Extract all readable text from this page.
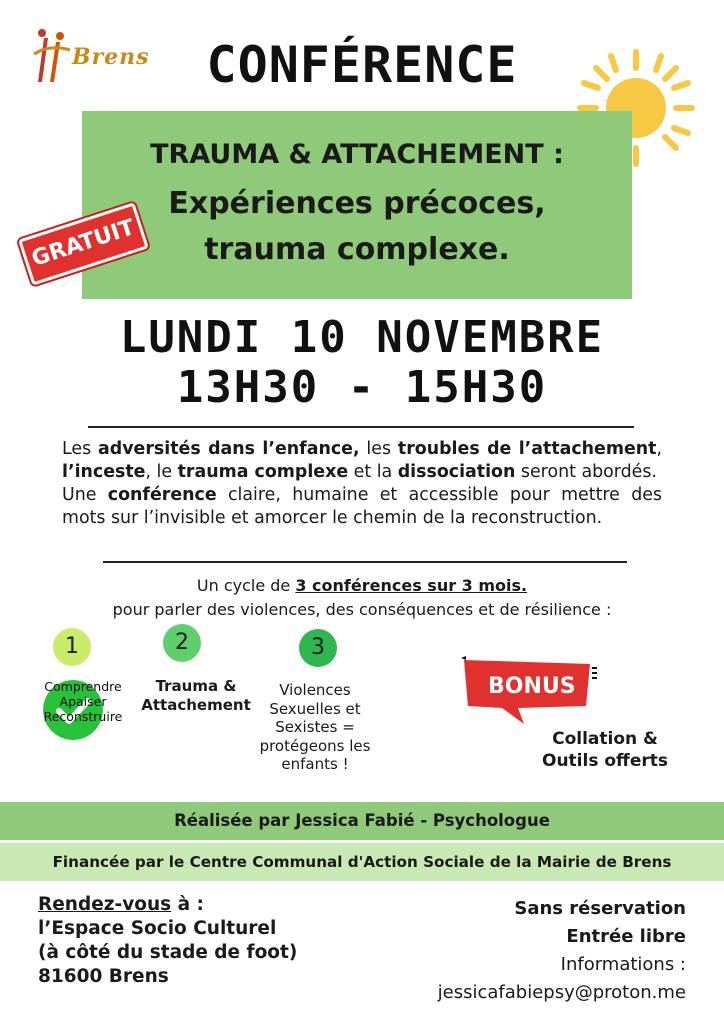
Brens	CONFÉRENCE
TRAUMA & ATTACHEMENT :
Expériences précoces,
trauma complexe.
GRATUIT
LUNDI 10 NOVEMBRE
13H30 - 15H30
Les adversités dans l’enfance, les troubles de l’attachement, l’inceste, le trauma complexe et la dissociation seront abordés.
Une conférence claire, humaine et accessible pour mettre des mots sur l’invisible et amorcer le chemin de la reconstruction.
Un cycle de 3 conférences sur 3 mois.
pour parler des violences, des conséquences et de résilience :
1	2	3
Comprendre
Apaiser
Reconstruire
Trauma &
Attachement
Violences
Sexuelles et
Sexistes =
protégeons les
enfants !
BONUS
Collation &
Outils offerts
Réalisée par Jessica Fabié - Psychologue
Financée par le Centre Communal d'Action Sociale de la Mairie de Brens
Rendez-vous à :
l’Espace Socio Culturel
(à côté du stade de foot)
81600 Brens
Sans réservation
Entrée libre
Informations :
jessicafabiepsy@proton.me
